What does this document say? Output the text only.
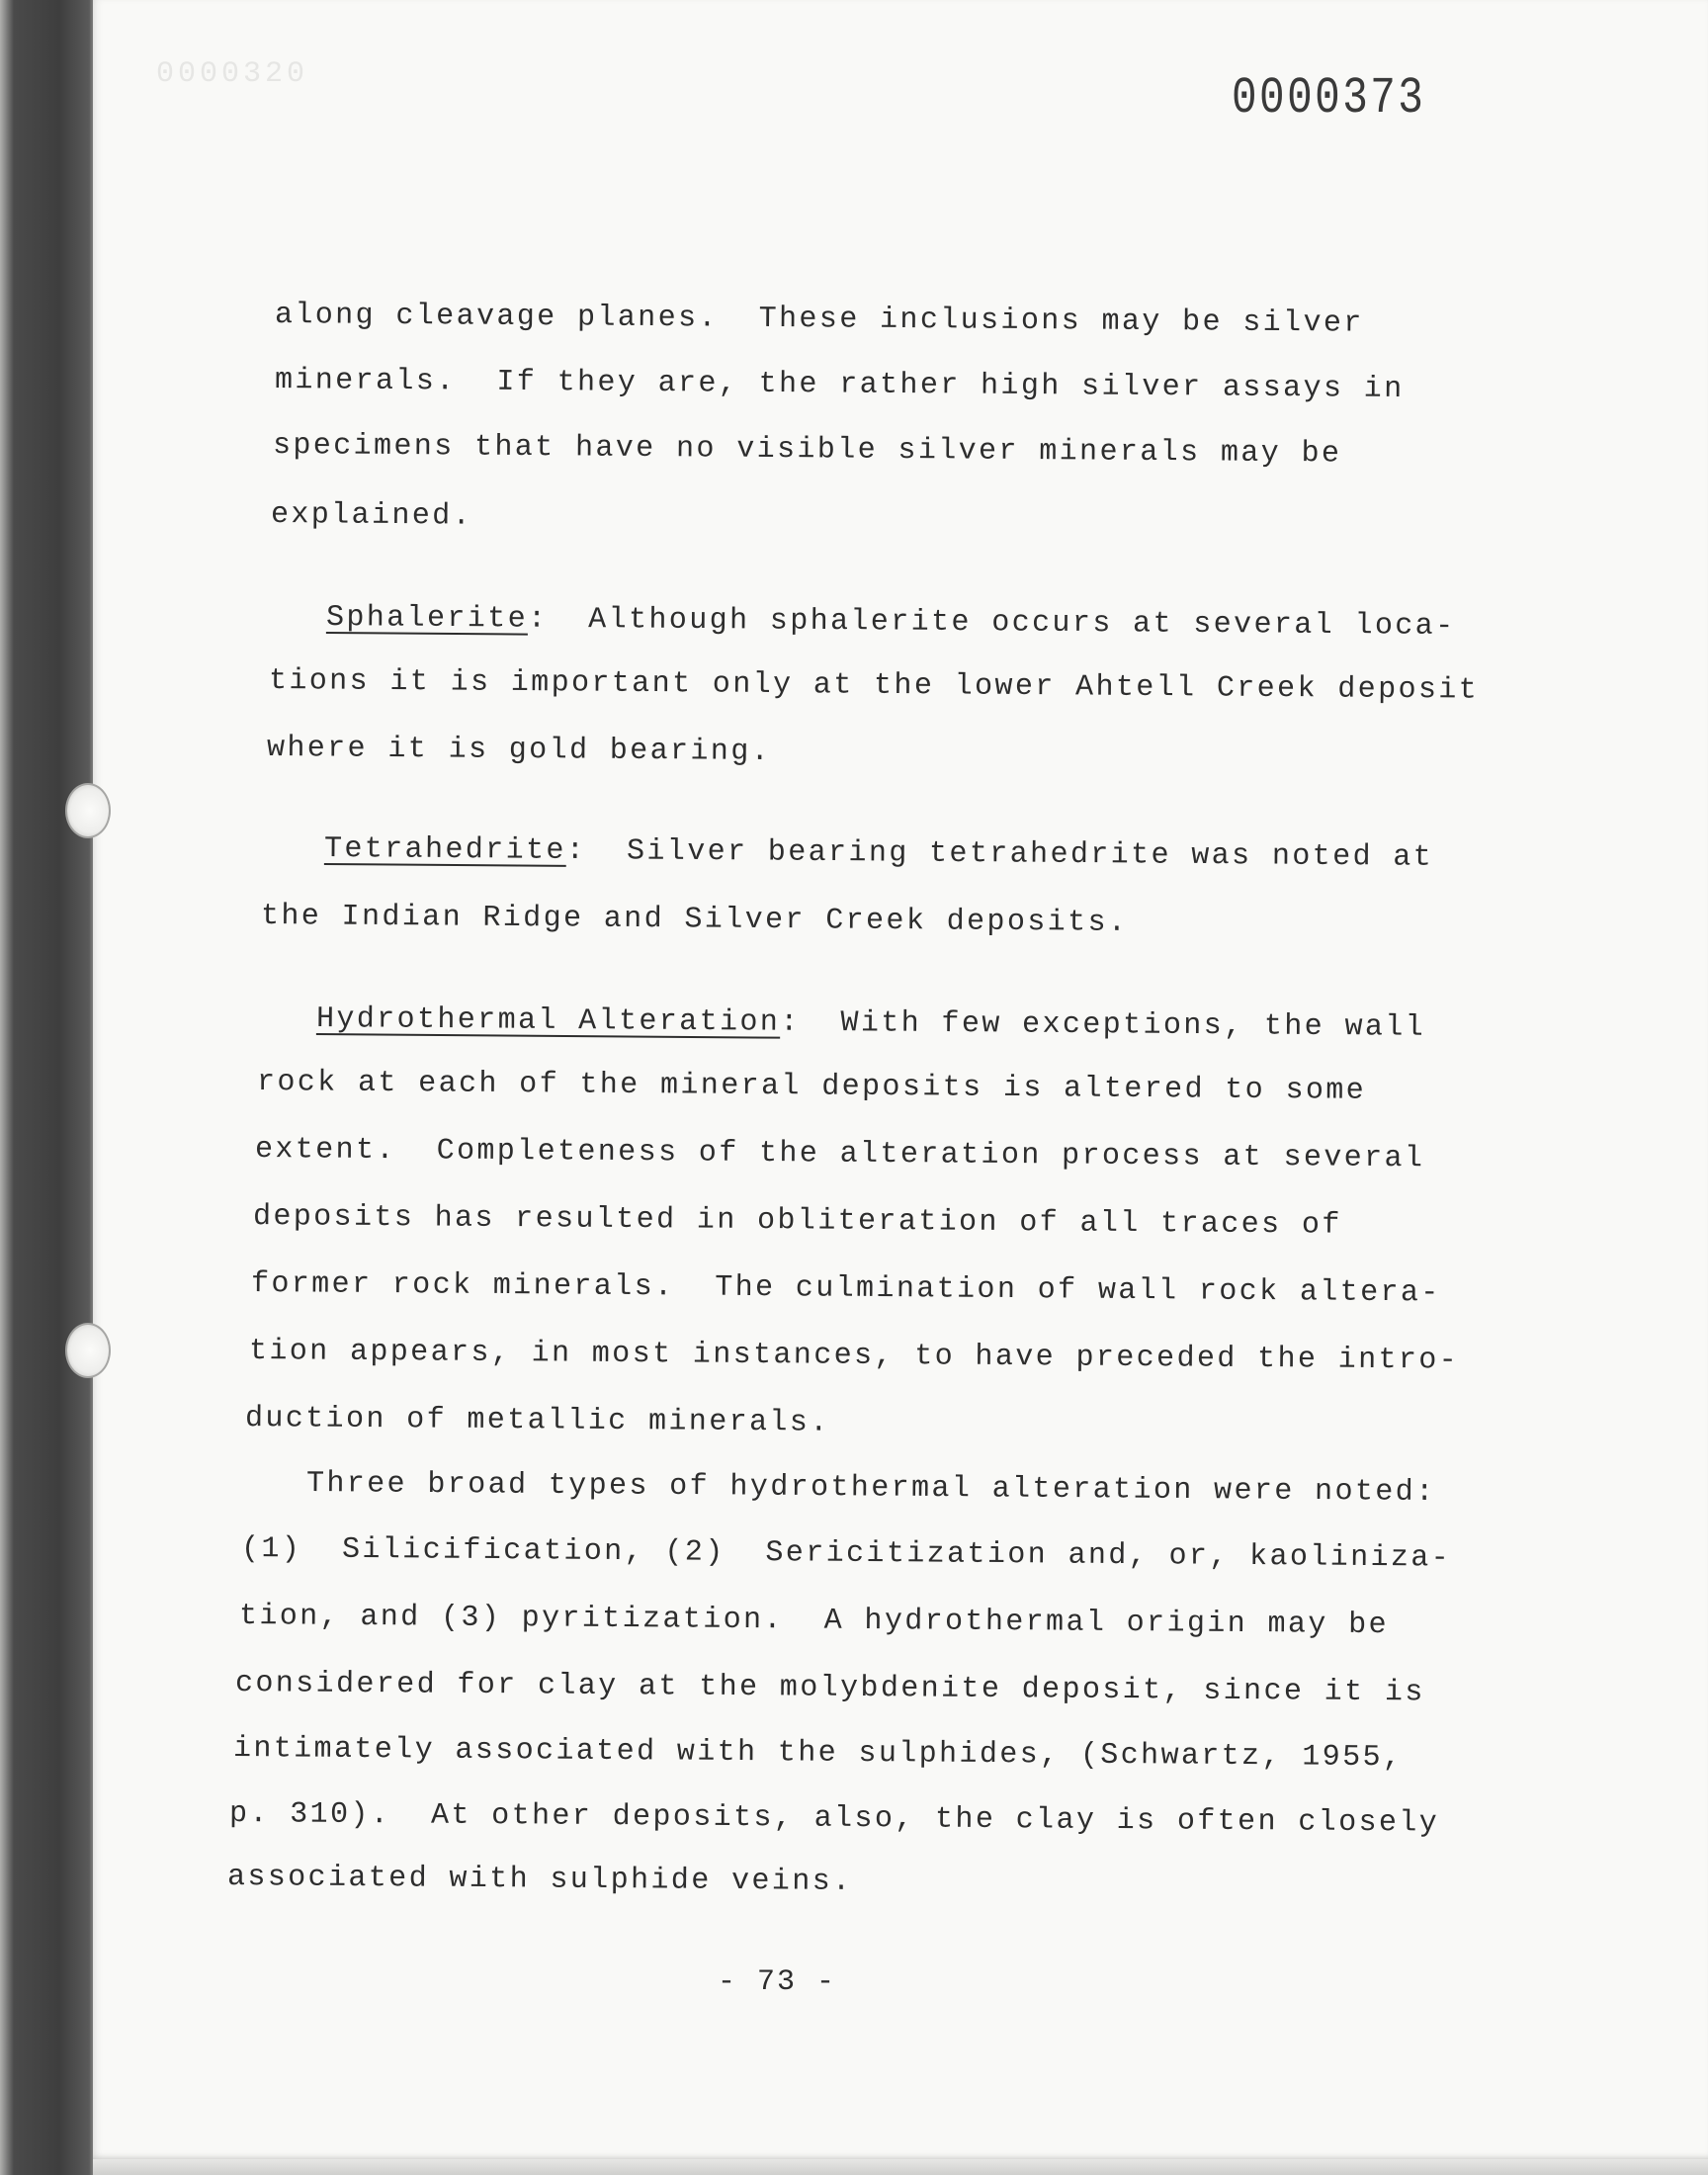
0000320	0000373
along cleavage planes.  These inclusions may be silver
minerals.  If they are, the rather high silver assays in
specimens that have no visible silver minerals may be
explained.
Sphalerite:  Although sphalerite occurs at several loca-
tions it is important only at the lower Ahtell Creek deposit
where it is gold bearing.
Tetrahedrite:  Silver bearing tetrahedrite was noted at
the Indian Ridge and Silver Creek deposits.
Hydrothermal Alteration:  With few exceptions, the wall
rock at each of the mineral deposits is altered to some
extent.  Completeness of the alteration process at several
deposits has resulted in obliteration of all traces of
former rock minerals.  The culmination of wall rock altera-
tion appears, in most instances, to have preceded the intro-
duction of metallic minerals.
Three broad types of hydrothermal alteration were noted:
(1)  Silicification, (2)  Sericitization and, or, kaoliniza-
tion, and (3) pyritization.  A hydrothermal origin may be
considered for clay at the molybdenite deposit, since it is
intimately associated with the sulphides, (Schwartz, 1955,
p. 310).  At other deposits, also, the clay is often closely
associated with sulphide veins.
- 73 -
